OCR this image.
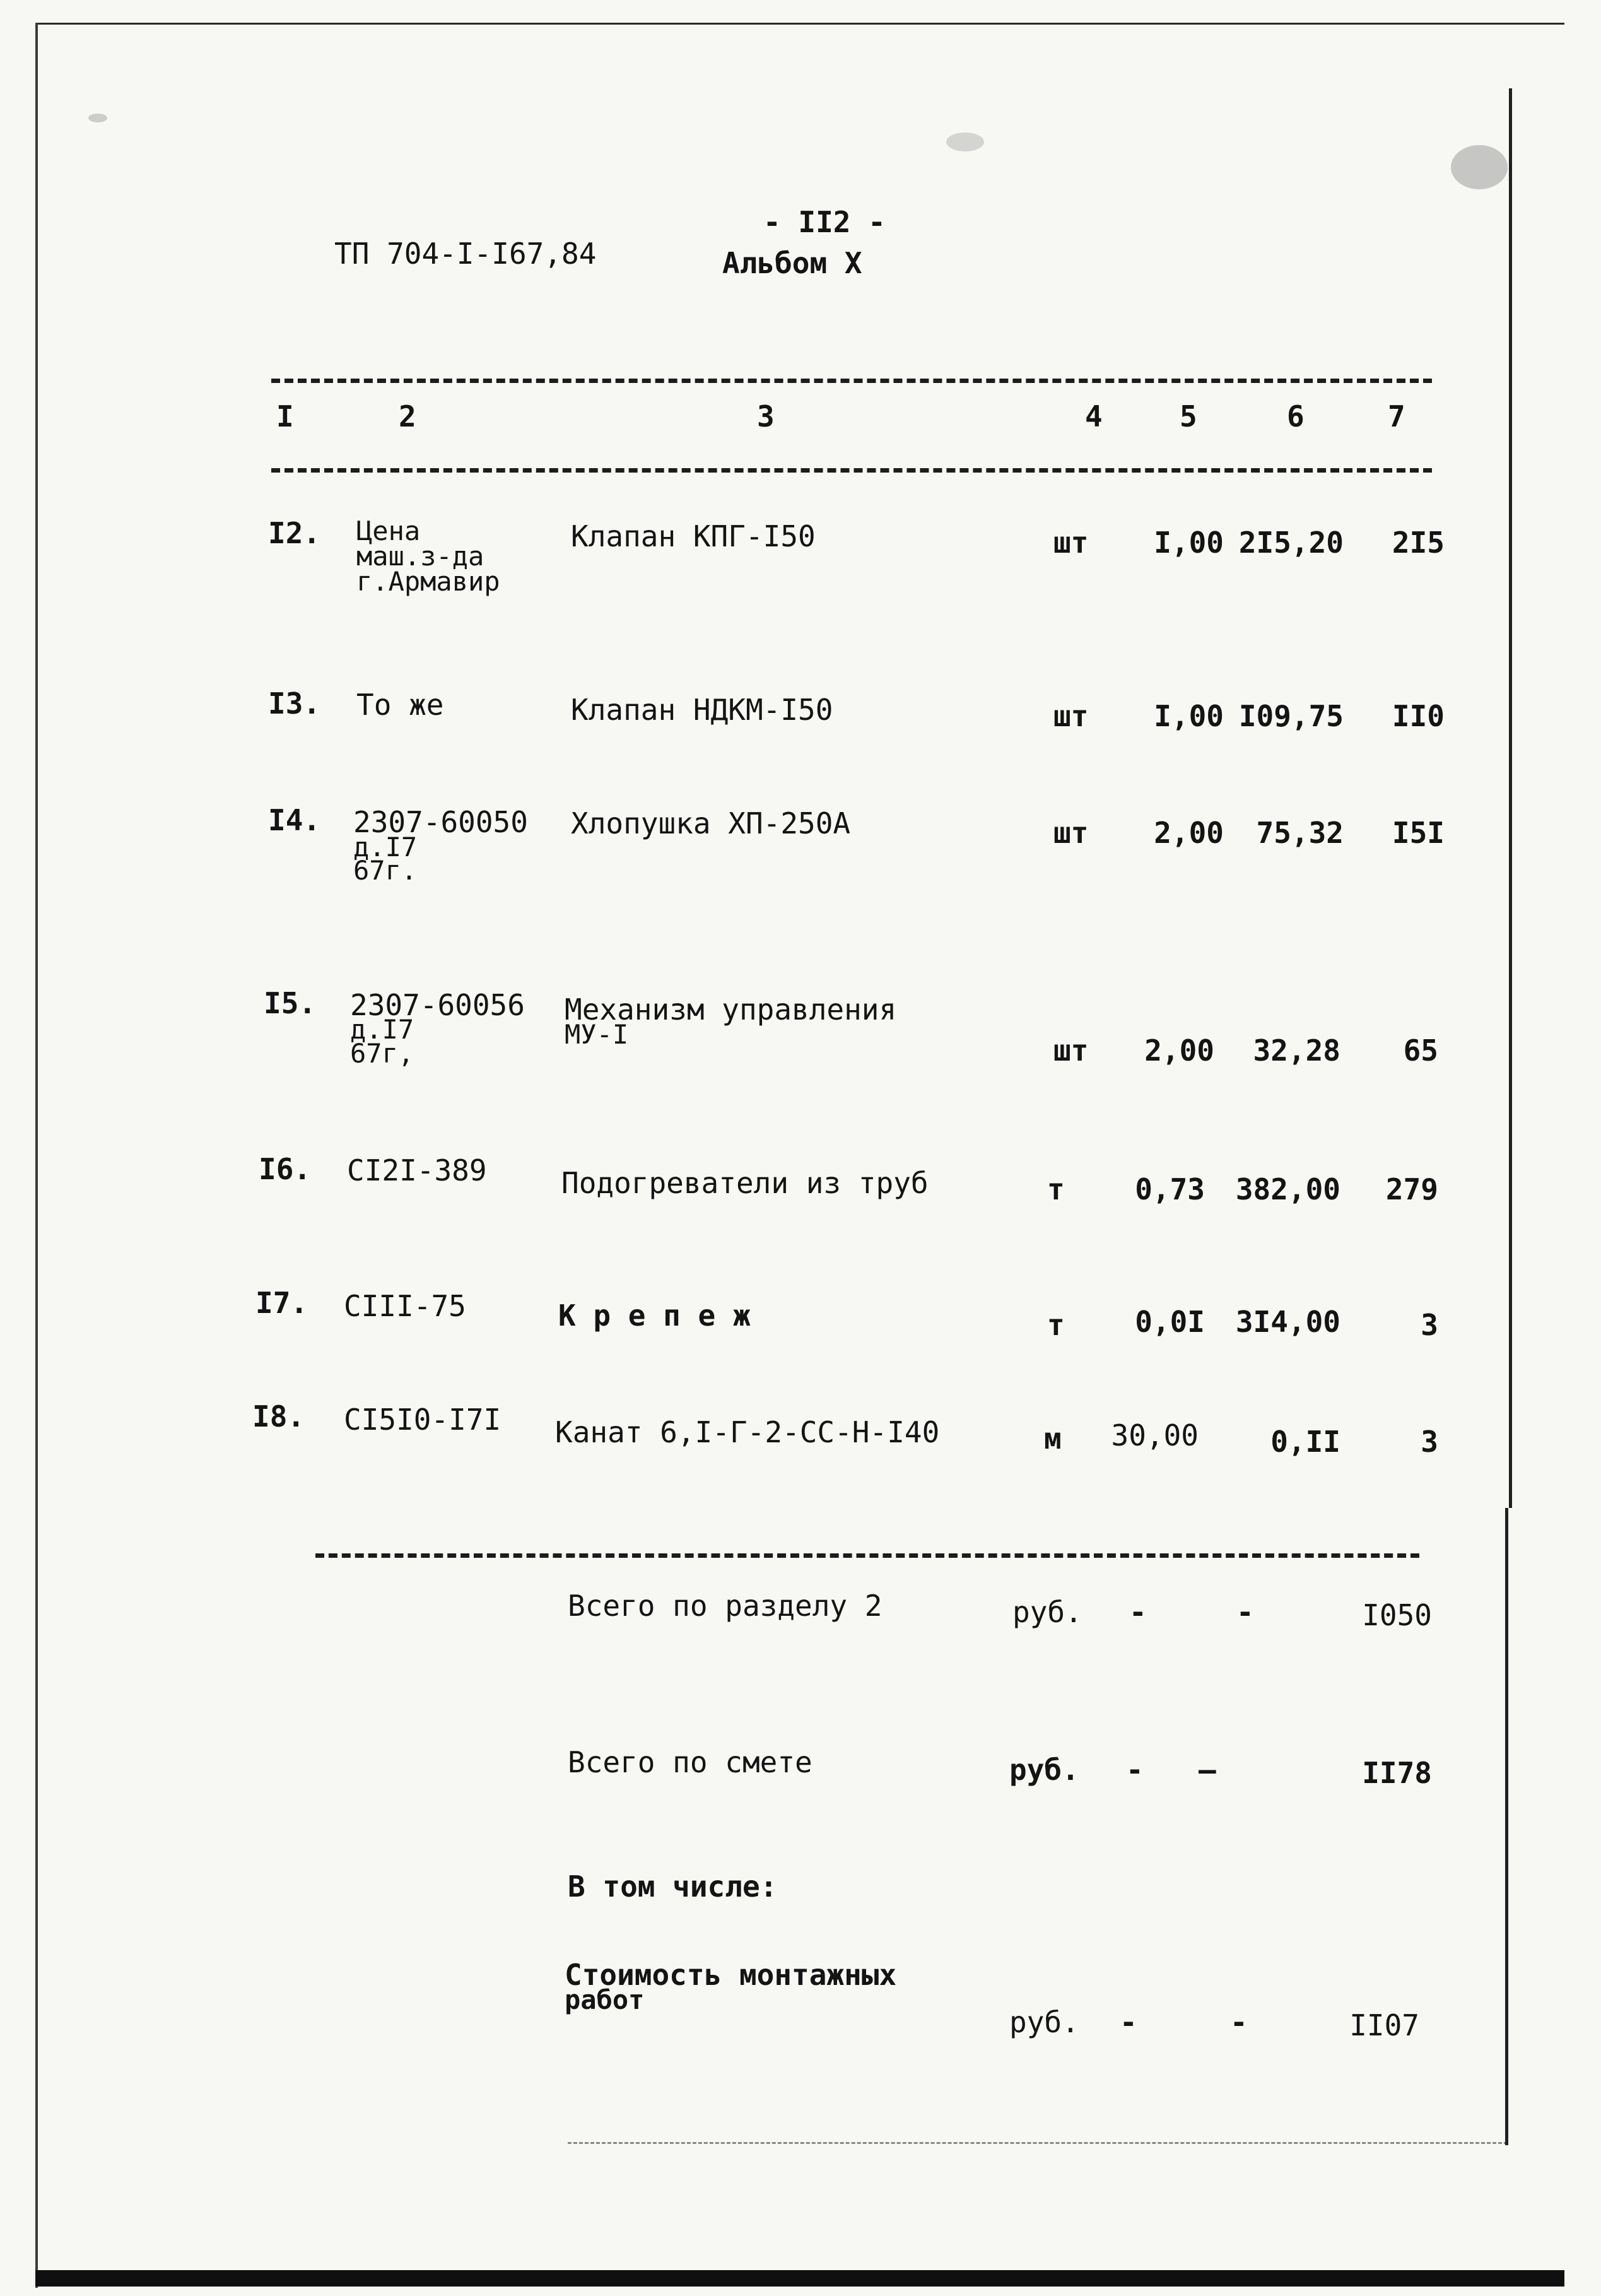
ТП 704-I-I67,84
- II2 -
Альбом X
I	2	3	4	5	6	7
I2. Цена
маш.з-да
г.Армавир
Клапан КПГ-I50	шт	I,00 2I5,20	2I5
I3. То же	Клапан НДКМ-I50	шт	I,00 I09,75	II0
I4. 2307-60050
д.I7
67г.
Хлопушка ХП-250А	шт	2,00	75,32	I5I
I5. 2307-60056
д.I7
67г,
Механизм управления
МУ-I	шт	2,00	32,28	65
I6. CI2I-389	Подогреватели из труб	т	0,73	382,00	279
I7. CIII-75	К р е п е ж	т	0,0I	3I4,00	3
I8. CI5I0-I7I Канат 6,I-Г-2-СС-Н-I40	м 30,00	0,II	3
Всего по разделу 2	руб. -	-	I050
Всего по смете	руб. - —	II78
В том числе:
Стоимость монтажных
работ
руб. -	-	II07
